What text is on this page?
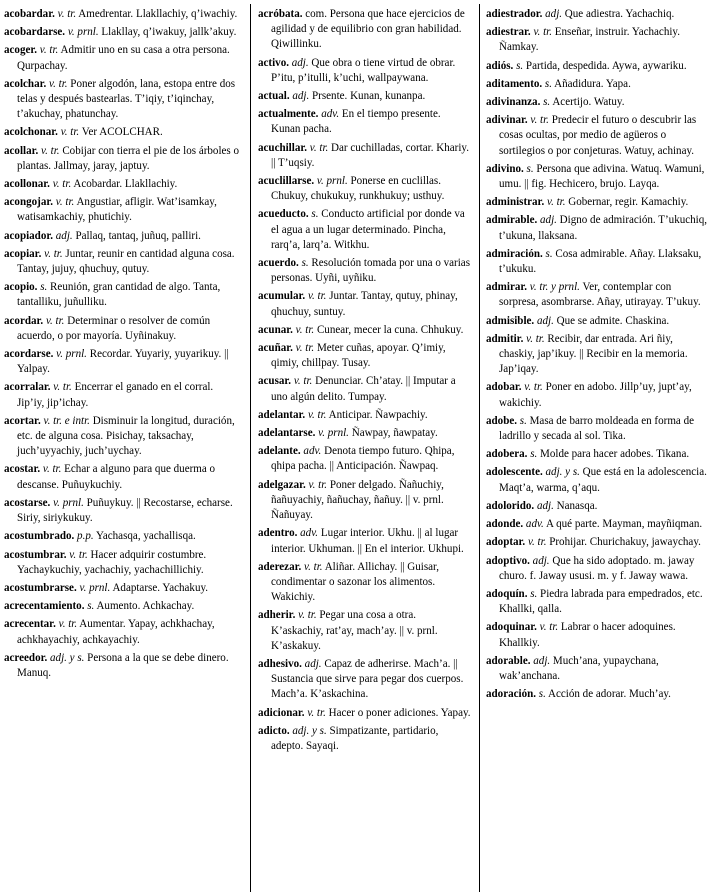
acobardar. v. tr. Amedrentar. Llakllachiy, q’iwachiy.
acobardarse. v. prnl. Llakllay, q’iwakuy, jallk’akuy.
acoger. v. tr. Admitir uno en su casa a otra persona. Qurpachay.
acolchar. v. tr. Poner algodón, lana, estopa entre dos telas y después bastearlas. T’iqiy, t’iqinchay, t’akuchay, phatunchay.
acolchonar. v. tr. Ver ACOLCHAR.
acollar. v. tr. Cobijar con tierra el pie de los árboles o plantas. Jallmay, jaray, japtuy.
acollonar. v. tr. Acobardar. Llakllachiy.
acongojar. v. tr. Angustiar, afligir. Wat’isamkay, watisamkachiy, phutichiy.
acopiador. adj. Pallaq, tantaq, juñuq, palliri.
acopiar. v. tr. Juntar, reunir en cantidad alguna cosa. Tantay, jujuy, qhuchuy, qutuy.
acopio. s. Reunión, gran cantidad de algo. Tanta, tantalliku, juñulliku.
acordar. v. tr. Determinar o resolver de común acuerdo, o por mayoría. Uyñinakuy.
acordarse. v. prnl. Recordar. Yuyariy, yuyarikuy. || Yalpay.
acorralar. v. tr. Encerrar el ganado en el corral. Jip’iy, jip’ichay.
acortar. v. tr. e intr. Disminuir la longitud, duración, etc. de alguna cosa. Pisichay, taksachay, juch’uyyachiy, juch’uychay.
acostar. v. tr. Echar a alguno para que duerma o descanse. Puñuykuchiy.
acostarse. v. prnl. Puñuykuy. || Recostarse, echarse. Siriy, siriykukuy.
acostumbrado. p.p. Yachasqa, yachallisqa.
acostumbrar. v. tr. Hacer adquirir costumbre. Yachaykuchiy, yachachiy, yachachillichiy.
acostumbrarse. v. prnl. Adaptarse. Yachakuy.
acrecentamiento. s. Aumento. Achkachay.
acrecentar. v. tr. Aumentar. Yapay, achkhachay, achkhayachiy, achkayachiy.
acreedor. adj. y s. Persona a la que se debe dinero. Manuq.
acróbata. com. Persona que hace ejercicios de agilidad y de equilibrio con gran habilidad. Qiwillinku.
activo. adj. Que obra o tiene virtud de obrar. P’itu, p’itulli, k’uchi, wallpaywana.
actual. adj. Prsente. Kunan, kunanpa.
actualmente. adv. En el tiempo presente. Kunan pacha.
acuchillar. v. tr. Dar cuchilladas, cortar. Khariy. || T’uqsiy.
acuclillarse. v. prnl. Ponerse en cuclillas. Chukuy, chukukuy, runkhukuy; usthuy.
acueducto. s. Conducto artificial por donde va el agua a un lugar determinado. Pincha, rarq’a, larq’a. Witkhu.
acuerdo. s. Resolución tomada por una o varias personas. Uyñi, uyñiku.
acumular. v. tr. Juntar. Tantay, qutuy, phinay, qhuchuy, suntuy.
acunar. v. tr. Cunear, mecer la cuna. Chhukuy.
acuñar. v. tr. Meter cuñas, apoyar. Q’imiy, qimiy, chillpay. Tusay.
acusar. v. tr. Denunciar. Ch’atay. || Imputar a uno algún delito. Tumpay.
adelantar. v. tr. Anticipar. Ñawpachiy.
adelantarse. v. prnl. Ñawpay, ñawpatay.
adelante. adv. Denota tiempo futuro. Qhipa, qhipa pacha. || Anticipación. Ñawpaq.
adelgazar. v. tr. Poner delgado. Ñañuchiy, ñañuyachiy, ñañuchay, ñañuy. || v. prnl. Ñañuyay.
adentro. adv. Lugar interior. Ukhu. || al lugar interior. Ukhuman. || En el interior. Ukhupi.
aderezar. v. tr. Aliñar. Allichay. || Guisar, condimentar o sazonar los alimentos. Wakichiy.
adherir. v. tr. Pegar una cosa a otra. K’askachiy, rat’ay, mach’ay. || v. prnl. K’askakuy.
adhesivo. adj. Capaz de adherirse. Mach’a. || Sustancia que sirve para pegar dos cuerpos. Mach’a. K’askachina.
adicionar. v. tr. Hacer o poner adiciones. Yapay.
adicto. adj. y s. Simpatizante, partidario, adepto. Sayaqi.
adiestrador. adj. Que adiestra. Yachachiq.
adiestrar. v. tr. Enseñar, instruir. Yachachiy. Ñamkay.
adiós. s. Partida, despedida. Aywa, aywariku.
aditamento. s. Añadidura. Yapa.
adivinanza. s. Acertijo. Watuy.
adivinar. v. tr. Predecir el futuro o descubrir las cosas ocultas, por medio de agüeros o sortilegios o por conjeturas. Watuy, achinay.
adivino. s. Persona que adivina. Watuq. Wamuni, umu. || fig. Hechicero, brujo. Layqa.
administrar. v. tr. Gobernar, regir. Kamachiy.
admirable. adj. Digno de admiración. T’ukuchiq, t’ukuna, llaksana.
admiración. s. Cosa admirable. Añay. Llaksaku, t’ukuku.
admirar. v. tr. y prnl. Ver, contemplar con sorpresa, asombrarse. Añay, utirayay. T’ukuy.
admisible. adj. Que se admite. Chaskina.
admitir. v. tr. Recibir, dar entrada. Ari ñiy, chaskiy, jap’ikuy. || Recibir en la memoria. Jap’iqay.
adobar. v. tr. Poner en adobo. Jillp’uy, jupt’ay, wakichiy.
adobe. s. Masa de barro moldeada en forma de ladrillo y secada al sol. Tika.
adobera. s. Molde para hacer adobes. Tikana.
adolescente. adj. y s. Que está en la adolescencia. Maqt’a, warma, q’aqu.
adolorido. adj. Nanasqa.
adonde. adv. A qué parte. Mayman, mayñiqman.
adoptar. v. tr. Prohijar. Churichakuy, jawaychay.
adoptivo. adj. Que ha sido adoptado. m. jaway churo. f. Jaway ususi. m. y f. Jaway wawa.
adoquín. s. Piedra labrada para empedrados, etc. Khallki, qalla.
adoquinar. v. tr. Labrar o hacer adoquines. Khallkiy.
adorable. adj. Much’ana, yupaychana, wak’anchana.
adoración. s. Acción de adorar. Much’ay.
